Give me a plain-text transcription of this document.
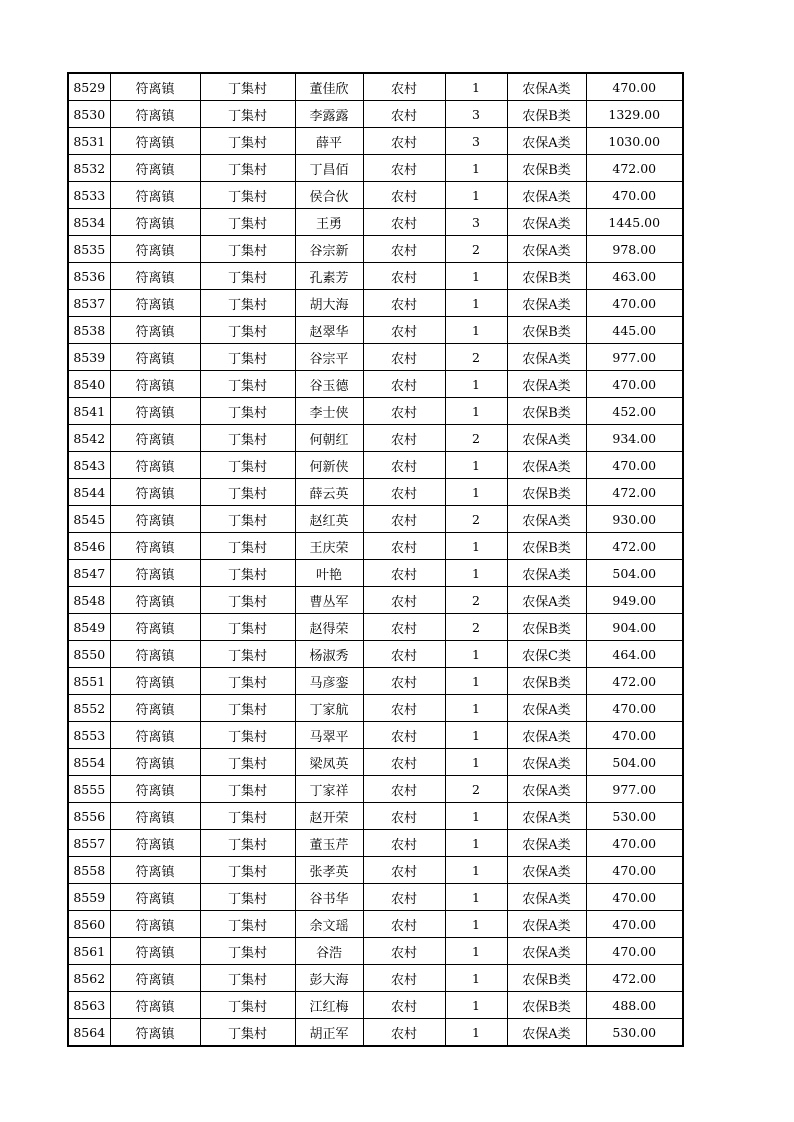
8529	符离镇	丁集村	董佳欣	农村	1	农保A类	470.00
8530	符离镇	丁集村	李露露	农村	3	农保B类	1329.00
8531	符离镇	丁集村	薛平	农村	3	农保A类	1030.00
8532	符离镇	丁集村	丁昌佰	农村	1	农保B类	472.00
8533	符离镇	丁集村	侯合伙	农村	1	农保A类	470.00
8534	符离镇	丁集村	王勇	农村	3	农保A类	1445.00
8535	符离镇	丁集村	谷宗新	农村	2	农保A类	978.00
8536	符离镇	丁集村	孔素芳	农村	1	农保B类	463.00
8537	符离镇	丁集村	胡大海	农村	1	农保A类	470.00
8538	符离镇	丁集村	赵翠华	农村	1	农保B类	445.00
8539	符离镇	丁集村	谷宗平	农村	2	农保A类	977.00
8540	符离镇	丁集村	谷玉德	农村	1	农保A类	470.00
8541	符离镇	丁集村	李士侠	农村	1	农保B类	452.00
8542	符离镇	丁集村	何朝红	农村	2	农保A类	934.00
8543	符离镇	丁集村	何新侠	农村	1	农保A类	470.00
8544	符离镇	丁集村	薛云英	农村	1	农保B类	472.00
8545	符离镇	丁集村	赵红英	农村	2	农保A类	930.00
8546	符离镇	丁集村	王庆荣	农村	1	农保B类	472.00
8547	符离镇	丁集村	叶艳	农村	1	农保A类	504.00
8548	符离镇	丁集村	曹丛军	农村	2	农保A类	949.00
8549	符离镇	丁集村	赵得荣	农村	2	农保B类	904.00
8550	符离镇	丁集村	杨淑秀	农村	1	农保C类	464.00
8551	符离镇	丁集村	马彦銮	农村	1	农保B类	472.00
8552	符离镇	丁集村	丁家航	农村	1	农保A类	470.00
8553	符离镇	丁集村	马翠平	农村	1	农保A类	470.00
8554	符离镇	丁集村	梁凤英	农村	1	农保A类	504.00
8555	符离镇	丁集村	丁家祥	农村	2	农保A类	977.00
8556	符离镇	丁集村	赵开荣	农村	1	农保A类	530.00
8557	符离镇	丁集村	董玉芹	农村	1	农保A类	470.00
8558	符离镇	丁集村	张孝英	农村	1	农保A类	470.00
8559	符离镇	丁集村	谷书华	农村	1	农保A类	470.00
8560	符离镇	丁集村	余文瑶	农村	1	农保A类	470.00
8561	符离镇	丁集村	谷浩	农村	1	农保A类	470.00
8562	符离镇	丁集村	彭大海	农村	1	农保B类	472.00
8563	符离镇	丁集村	江红梅	农村	1	农保B类	488.00
8564	符离镇	丁集村	胡正军	农村	1	农保A类	530.00
